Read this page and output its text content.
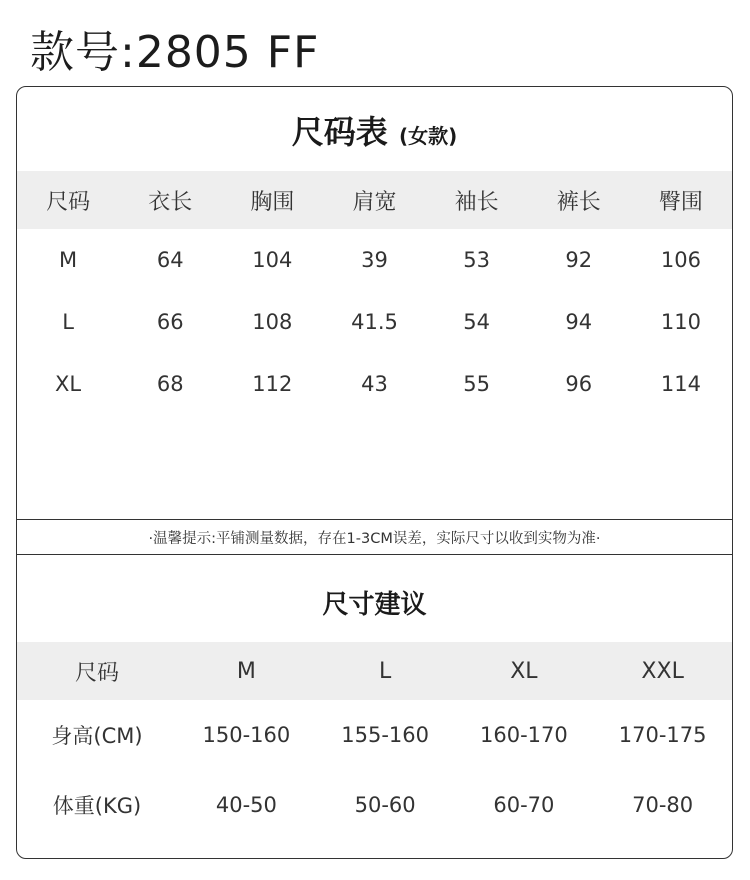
款号:2805 FF
尺码表 (女款)
尺码	衣长	胸围	肩宽	袖长	裤长	臀围
M	64	104	39	53	92	106
L	66	108	41.5	54	94	110
XL	68	112	43	55	96	114
·温馨提示:平铺测量数据，存在1-3CM误差，实际尺寸以收到实物为准·
尺寸建议
尺码	M	L	XL	XXL
身高(CM)	150-160	155-160	160-170	170-175
体重(KG)	40-50	50-60	60-70	70-80
